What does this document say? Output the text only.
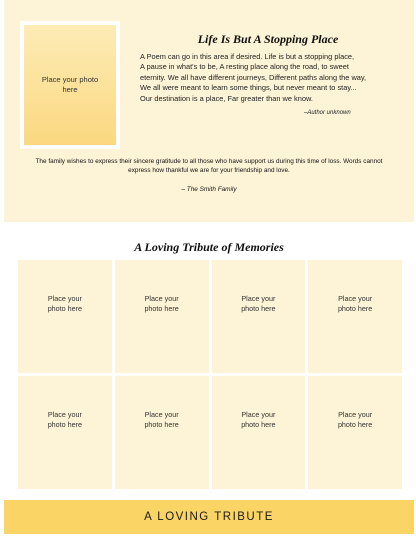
Place your photo here
Life Is But A Stopping Place
A Poem can go in this area if desired. Life is but a stopping place,
A pause in what's to be, A resting place along the road, to sweet
eternity. We all have different journeys, Different paths along the way,
We all were meant to learn some things, but never meant to stay...
Our destination is a place, Far greater than we know.
–Author unknown
The family wishes to express their sincere gratitude to all those who have support us during this time of loss. Words cannot express how thankful we are for your friendship and love.
– The Smith Family
A Loving Tribute of Memories
Place your photo here
Place your photo here
Place your photo here
Place your photo here
Place your photo here
Place your photo here
Place your photo here
Place your photo here
A LOVING TRIBUTE
